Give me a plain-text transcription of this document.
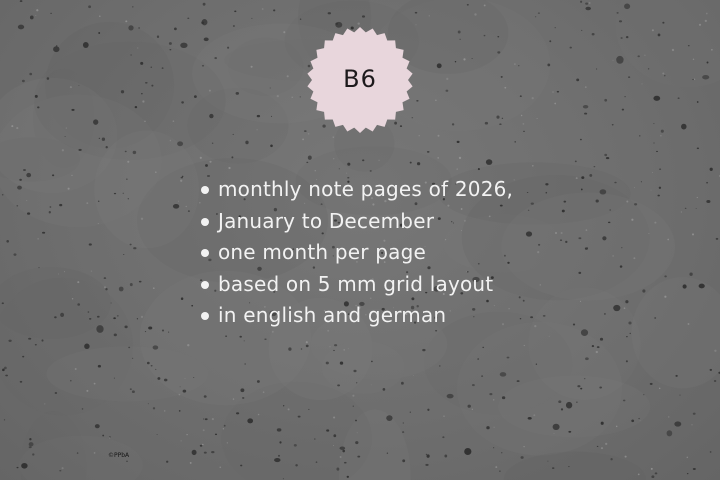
B6
monthly note pages of 2026,
January to December
one month per page
based on 5 mm grid layout
in english and german
©PPbA
